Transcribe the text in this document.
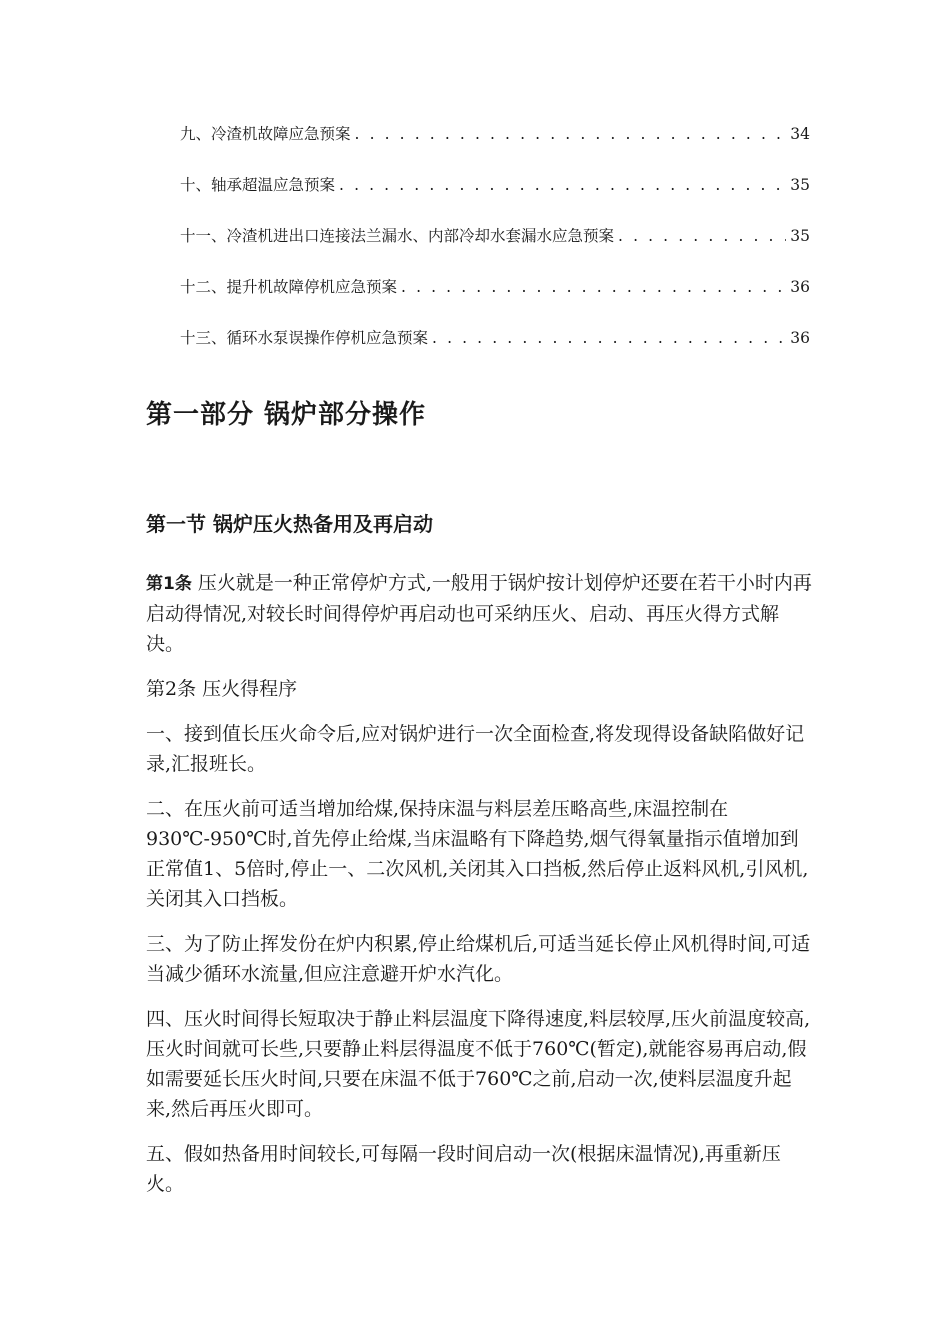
九、冷渣机故障应急预案 . . .	34
十、轴承超温应急预案 . . .	35
十一、冷渣机进出口连接法兰漏水、内部冷却水套漏水应急预案 . . .	35
十二、提升机故障停机应急预案 . . .	36
十三、循环水泵误操作停机应急预案 . . .	36
第一部分 锅炉部分操作
第一节 锅炉压火热备用及再启动

第1条 压火就是一种正常停炉方式,一般用于锅炉按计划停炉还要在若干小时内再启动得情况,对较长时间得停炉再启动也可采纳压火、启动、再压火得方式解决。

第2条 压火得程序

一、接到值长压火命令后,应对锅炉进行一次全面检查,将发现得设备缺陷做好记录,汇报班长。

二、在压火前可适当增加给煤,保持床温与料层差压略高些,床温控制在930℃-950℃时,首先停止给煤,当床温略有下降趋势,烟气得氧量指示值增加到正常值1、5倍时,停止一、二次风机,关闭其入口挡板,然后停止返料风机,引风机,关闭其入口挡板。

三、为了防止挥发份在炉内积累,停止给煤机后,可适当延长停止风机得时间,可适当减少循环水流量,但应注意避开炉水汽化。

四、压火时间得长短取决于静止料层温度下降得速度,料层较厚,压火前温度较高,压火时间就可长些,只要静止料层得温度不低于760℃(暂定),就能容易再启动,假如需要延长压火时间,只要在床温不低于760℃之前,启动一次,使料层温度升起来,然后再压火即可。

五、假如热备用时间较长,可每隔一段时间启动一次(根据床温情况),再重新压火。
